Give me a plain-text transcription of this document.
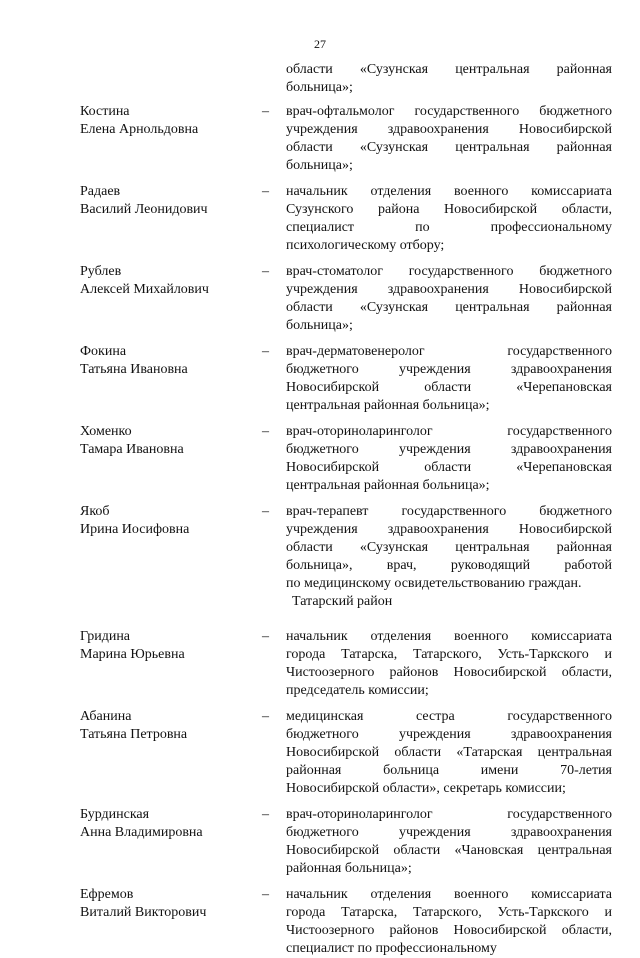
27
области «Сузунская центральная районная
больница»;
Костина
Елена Арнольдовна
–	врач-офтальмолог государственного бюджетного
учреждения здравоохранения Новосибирской
области «Сузунская центральная районная
больница»;
Радаев
Василий Леонидович
–	начальник отделения военного комиссариата
Сузунского района Новосибирской области,
специалист по профессиональному
психологическому отбору;
Рублев
Алексей Михайлович
–	врач-стоматолог государственного бюджетного
учреждения здравоохранения Новосибирской
области «Сузунская центральная районная
больница»;
Фокина
Татьяна Ивановна
–	врач-дерматовенеролог государственного
бюджетного учреждения здравоохранения
Новосибирской области «Черепановская
центральная районная больница»;
Хоменко
Тамара Ивановна
–	врач-оториноларинголог государственного
бюджетного учреждения здравоохранения
Новосибирской области «Черепановская
центральная районная больница»;
Якоб
Ирина Иосифовна
–	врач-терапевт государственного бюджетного
учреждения здравоохранения Новосибирской
области «Сузунская центральная районная
больница», врач, руководящий работой
по медицинскому освидетельствованию граждан.
Татарский район
Гридина
Марина Юрьевна
–	начальник отделения военного комиссариата
города Татарска, Татарского, Усть-Таркского и
Чистоозерного районов Новосибирской области,
председатель комиссии;
Абанина
Татьяна Петровна
–	медицинская сестра государственного
бюджетного учреждения здравоохранения
Новосибирской области «Татарская центральная
районная больница имени 70-летия
Новосибирской области», секретарь комиссии;
Бурдинская
Анна Владимировна
–	врач-оториноларинголог государственного
бюджетного учреждения здравоохранения
Новосибирской области «Чановская центральная
районная больница»;
Ефремов
Виталий Викторович
–	начальник отделения военного комиссариата
города Татарска, Татарского, Усть-Таркского и
Чистоозерного районов Новосибирской области,
специалист по профессиональному
